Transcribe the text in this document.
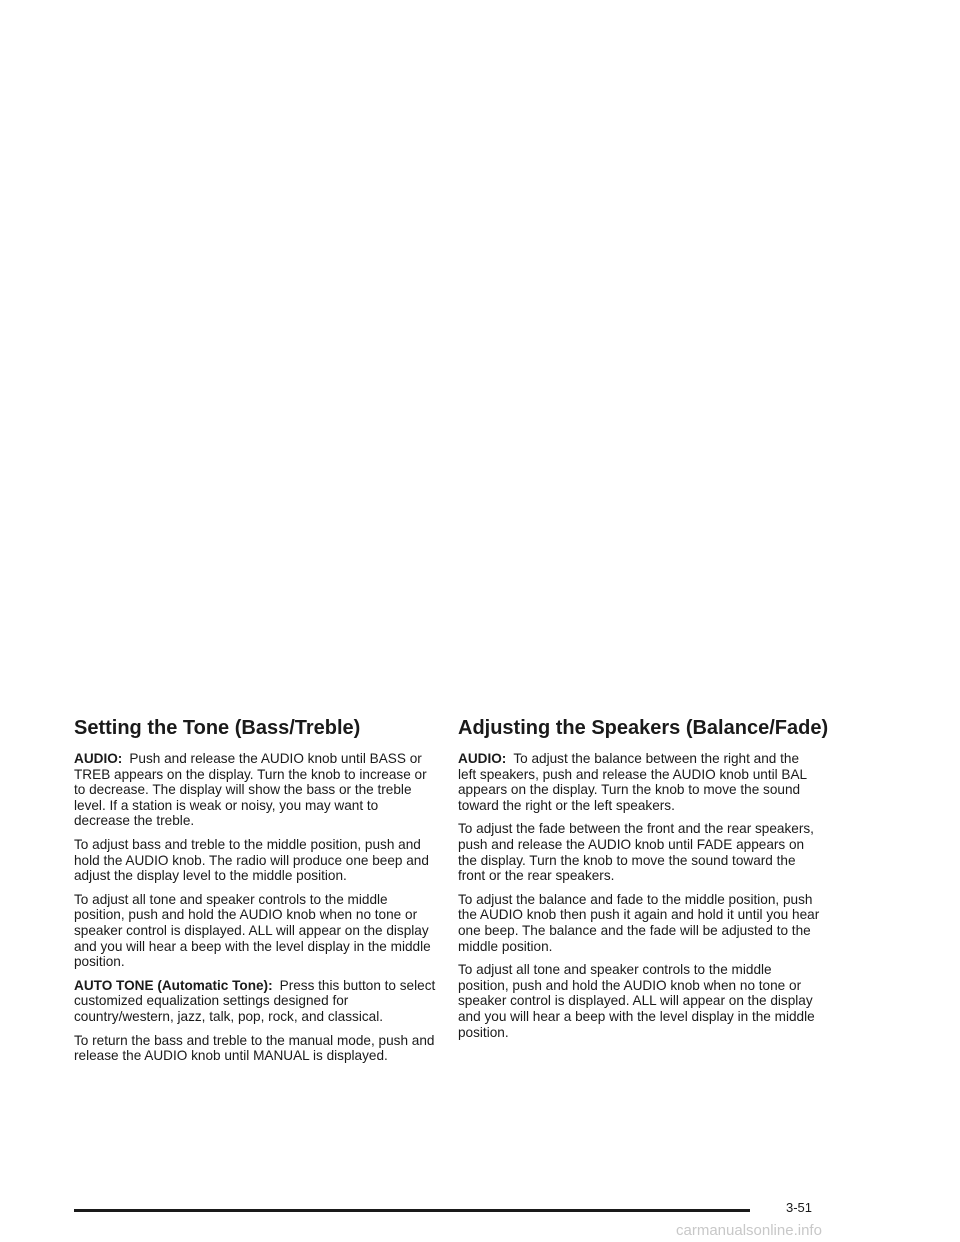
Setting the Tone (Bass/Treble)

AUDIO: Push and release the AUDIO knob until BASS or TREB appears on the display. Turn the knob to increase or to decrease. The display will show the bass or the treble level. If a station is weak or noisy, you may want to decrease the treble.

To adjust bass and treble to the middle position, push and hold the AUDIO knob. The radio will produce one beep and adjust the display level to the middle position.

To adjust all tone and speaker controls to the middle position, push and hold the AUDIO knob when no tone or speaker control is displayed. ALL will appear on the display and you will hear a beep with the level display in the middle position.

AUTO TONE (Automatic Tone): Press this button to select customized equalization settings designed for country/western, jazz, talk, pop, rock, and classical.

To return the bass and treble to the manual mode, push and release the AUDIO knob until MANUAL is displayed.

Adjusting the Speakers (Balance/Fade)

AUDIO: To adjust the balance between the right and the left speakers, push and release the AUDIO knob until BAL appears on the display. Turn the knob to move the sound toward the right or the left speakers.

To adjust the fade between the front and the rear speakers, push and release the AUDIO knob until FADE appears on the display. Turn the knob to move the sound toward the front or the rear speakers.

To adjust the balance and fade to the middle position, push the AUDIO knob then push it again and hold it until you hear one beep. The balance and the fade will be adjusted to the middle position.

To adjust all tone and speaker controls to the middle position, push and hold the AUDIO knob when no tone or speaker control is displayed. ALL will appear on the display and you will hear a beep with the level display in the middle position.

3-51
carmanualsonline.info
